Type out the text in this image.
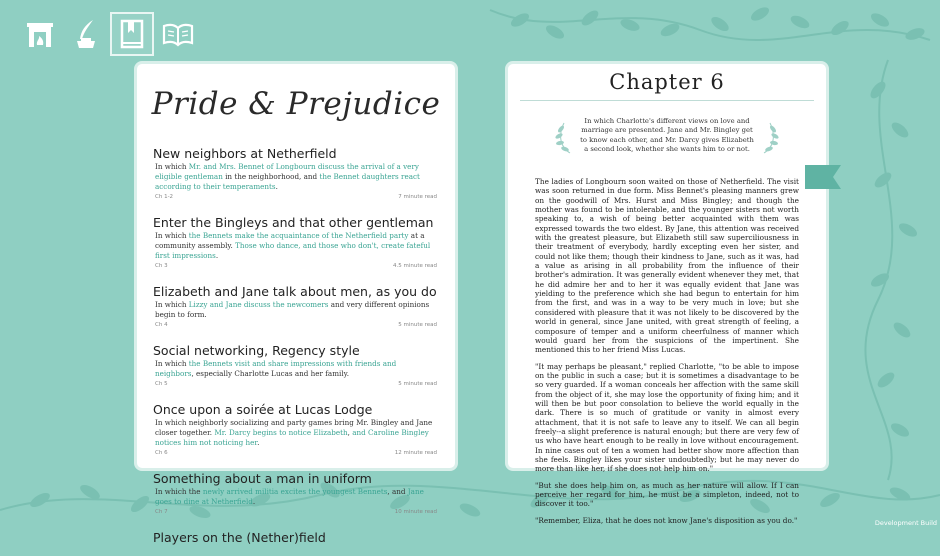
Pride & Prejudice
New neighbors at Netherfield
In which Mr. and Mrs. Bennet of Longbourn discuss the arrival of a very eligible gentleman in the neighborhood, and the Bennet daughters react according to their temperaments.
Ch 1-2	7 minute read
Enter the Bingleys and that other gentleman
In which the Bennets make the acquaintance of the Netherfield party at a community assembly. Those who dance, and those who don't, create fateful first impressions.
Ch 3	4.5 minute read
Elizabeth and Jane talk about men, as you do
In which Lizzy and Jane discuss the newcomers and very different opinions begin to form.
Ch 4	5 minute read
Social networking, Regency style
In which the Bennets visit and share impressions with friends and neighbors, especially Charlotte Lucas and her family.
Ch 5	5 minute read
Once upon a soirée at Lucas Lodge
In which neighborly socializing and party games bring Mr. Bingley and Jane closer together. Mr. Darcy begins to notice Elizabeth, and Caroline Bingley notices him not noticing her.
Ch 6	12 minute read
Something about a man in uniform
In which the newly arrived militia excites the youngest Bennets, and Jane goes to dine at Netherfield.
Ch 7	10 minute read
Players on the (Nether)field
Chapter 6
In which Charlotte's different views on love and marriage are presented. Jane and Mr. Bingley get to know each other, and Mr. Darcy gives Elizabeth a second look, whether she wants him to or not.

The ladies of Longbourn soon waited on those of Netherfield. The visit was soon returned in due form. Miss Bennet's pleasing manners grew on the goodwill of Mrs. Hurst and Miss Bingley; and though the mother was found to be intolerable, and the younger sisters not worth speaking to, a wish of being better acquainted with them was expressed towards the two eldest. By Jane, this attention was received with the greatest pleasure, but Elizabeth still saw superciliousness in their treatment of everybody, hardly excepting even her sister, and could not like them; though their kindness to Jane, such as it was, had a value as arising in all probability from the influence of their brother's admiration. It was generally evident whenever they met, that he did admire her and to her it was equally evident that Jane was yielding to the preference which she had begun to entertain for him from the first, and was in a way to be very much in love; but she considered with pleasure that it was not likely to be discovered by the world in general, since Jane united, with great strength of feeling, a composure of temper and a uniform cheerfulness of manner which would guard her from the suspicions of the impertinent. She mentioned this to her friend Miss Lucas.

"It may perhaps be pleasant," replied Charlotte, "to be able to impose on the public in such a case; but it is sometimes a disadvantage to be so very guarded. If a woman conceals her affection with the same skill from the object of it, she may lose the opportunity of fixing him; and it will then be but poor consolation to believe the world equally in the dark. There is so much of gratitude or vanity in almost every attachment, that it is not safe to leave any to itself. We can all begin freely--a slight preference is natural enough; but there are very few of us who have heart enough to be really in love without encouragement. In nine cases out of ten a women had better show more affection than she feels. Bingley likes your sister undoubtedly; but he may never do more than like her, if she does not help him on."

"But she does help him on, as much as her nature will allow. If I can perceive her regard for him, he must be a simpleton, indeed, not to discover it too."

"Remember, Eliza, that he does not know Jane's disposition as you do."	Development Build
